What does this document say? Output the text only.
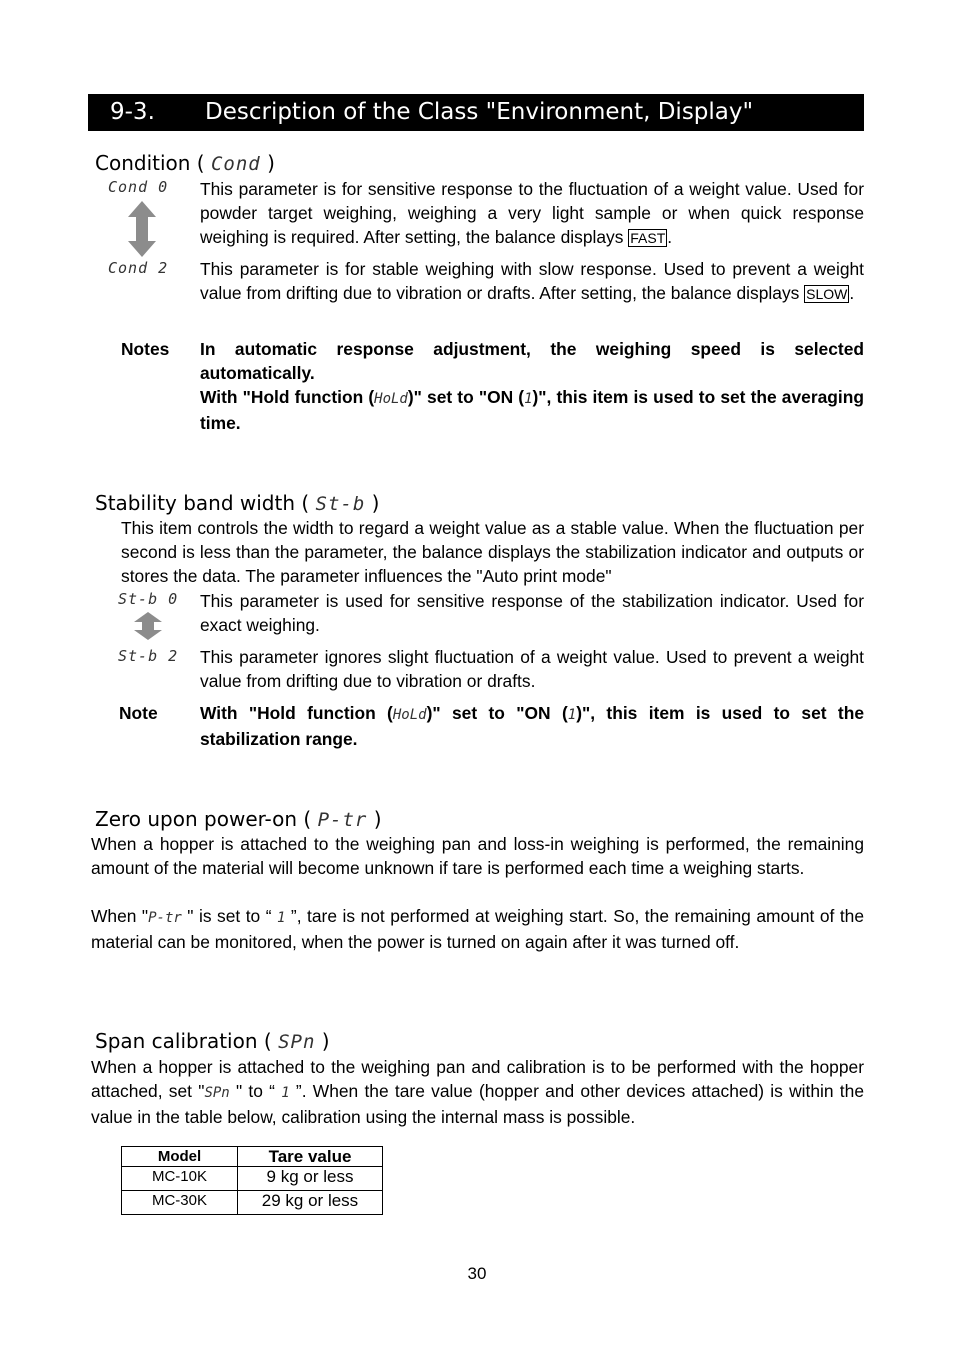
9-3. Description of the Class "Environment, Display"
Condition ( Cond )
Cond 0 This parameter is for sensitive response to the fluctuation of a weight value. Used for powder target weighing, weighing a very light sample or when quick response weighing is required. After setting, the balance displays FAST .
Cond 2 This parameter is for stable weighing with slow response. Used to prevent a weight value from drifting due to vibration or drafts. After setting, the balance displays SLOW .
Notes In automatic response adjustment, the weighing speed is selected automatically.
With "Hold function (HoLd)" set to "ON (1)", this item is used to set the averaging time.
Stability band width ( St-b )
This item controls the width to regard a weight value as a stable value. When the fluctuation per second is less than the parameter, the balance displays the stabilization indicator and outputs or stores the data. The parameter influences the "Auto print mode"
St-b 0 This parameter is used for sensitive response of the stabilization indicator. Used for exact weighing.
St-b 2 This parameter ignores slight fluctuation of a weight value. Used to prevent a weight value from drifting due to vibration or drafts.
Note With "Hold function (HoLd)" set to "ON (1)", this item is used to set the stabilization range.
Zero upon power-on ( P-tr )
When a hopper is attached to the weighing pan and loss-in weighing is performed, the remaining amount of the material will become unknown if tare is performed each time a weighing starts.
When "P-tr " is set to “ 1 ”, tare is not performed at weighing start. So, the remaining amount of the material can be monitored, when the power is turned on again after it was turned off.
Span calibration ( SPn )
When a hopper is attached to the weighing pan and calibration is to be performed with the hopper attached, set "SPn " to “ 1 ”. When the tare value (hopper and other devices attached) is within the value in the table below, calibration using the internal mass is possible.
Model	Tare value
MC-10K	9 kg or less
MC-30K	29 kg or less
30
